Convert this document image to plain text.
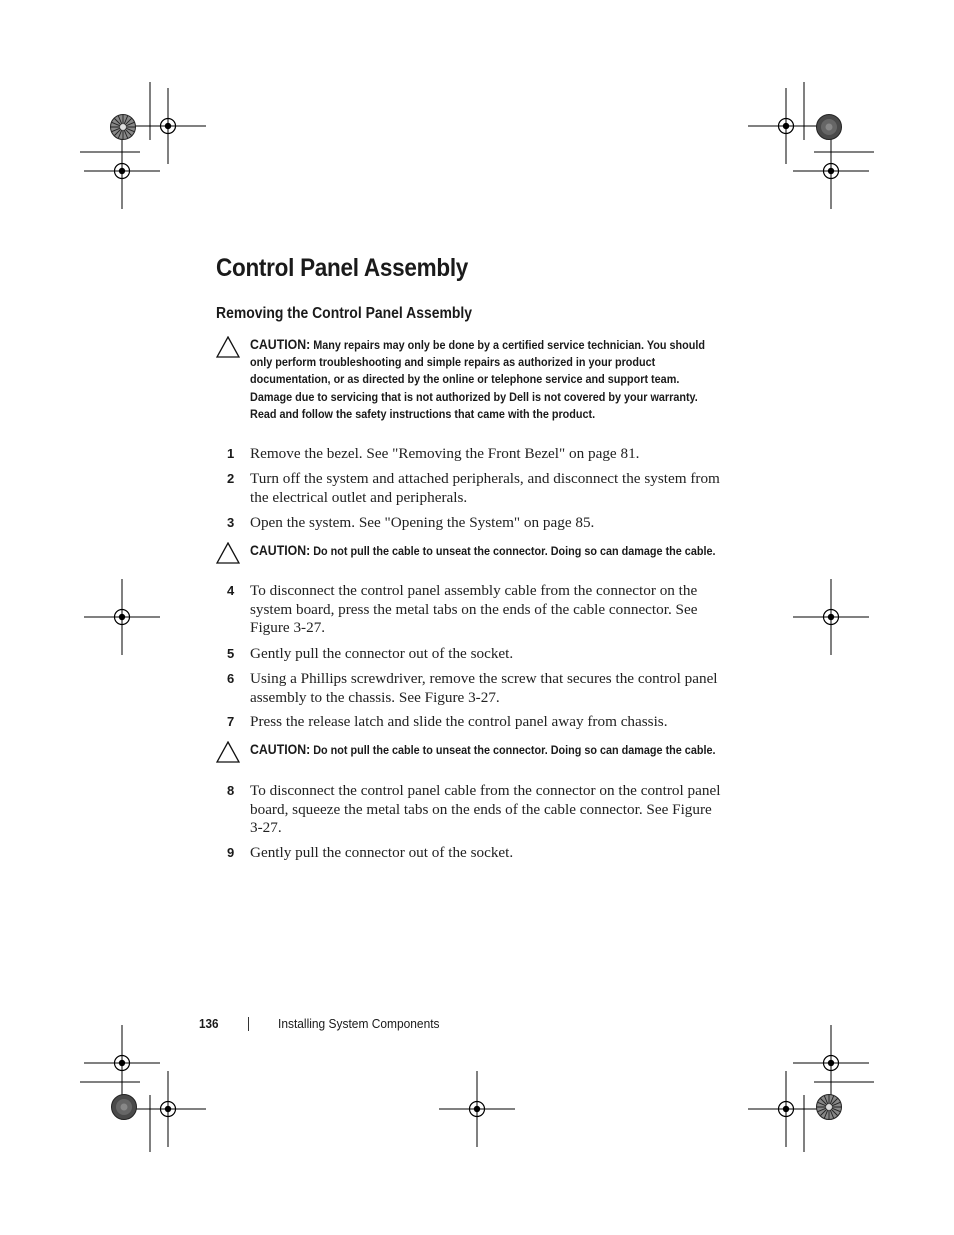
Control Panel Assembly
Removing the Control Panel Assembly
CAUTION: Many repairs may only be done by a certified service technician. You should only perform troubleshooting and simple repairs as authorized in your product documentation, or as directed by the online or telephone service and support team. Damage due to servicing that is not authorized by Dell is not covered by your warranty. Read and follow the safety instructions that came with the product.
1 Remove the bezel. See "Removing the Front Bezel" on page 81.
2 Turn off the system and attached peripherals, and disconnect the system from the electrical outlet and peripherals.
3 Open the system. See "Opening the System" on page 85.
CAUTION: Do not pull the cable to unseat the connector. Doing so can damage the cable.
4 To disconnect the control panel assembly cable from the connector on the system board, press the metal tabs on the ends of the cable connector. See Figure 3-27.
5 Gently pull the connector out of the socket.
6 Using a Phillips screwdriver, remove the screw that secures the control panel assembly to the chassis. See Figure 3-27.
7 Press the release latch and slide the control panel away from chassis.
CAUTION: Do not pull the cable to unseat the connector. Doing so can damage the cable.
8 To disconnect the control panel cable from the connector on the control panel board, squeeze the metal tabs on the ends of the cable connector. See Figure 3-27.
9 Gently pull the connector out of the socket.
136	Installing System Components
